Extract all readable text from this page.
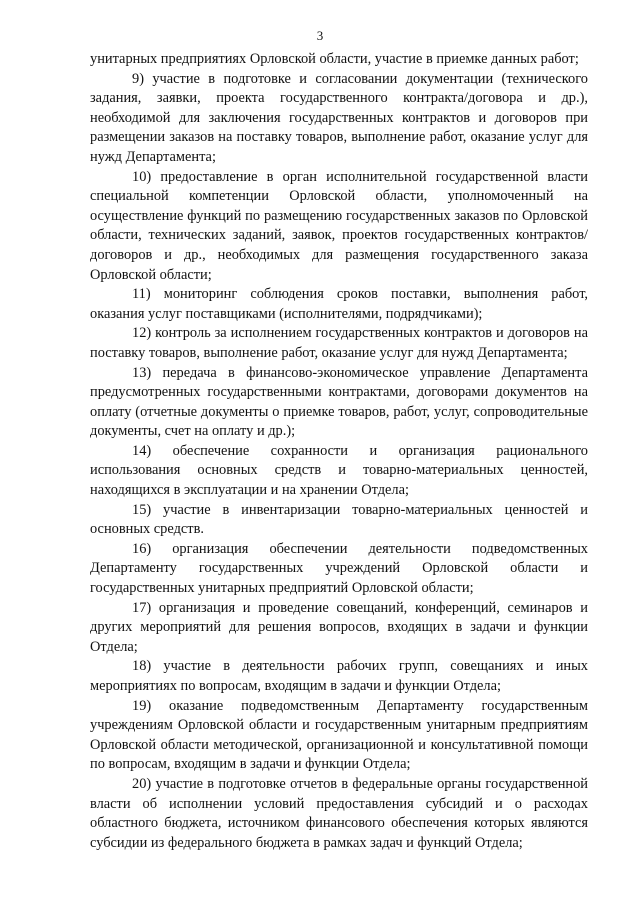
3

унитарных предприятиях Орловской области, участие в приемке данных работ;

9) участие в подготовке и согласовании документации (технического задания, заявки, проекта государственного контракта/договора и др.), необходимой для заключения государственных контрактов и договоров при размещении заказов на поставку товаров, выполнение работ, оказание услуг для нужд Департамента;

10) предоставление в орган исполнительной государственной власти специальной компетенции Орловской области, уполномоченный на осуществление функций по размещению государственных заказов по Орловской области, технических заданий, заявок, проектов государственных контрактов/договоров и др., необходимых для размещения государственного заказа Орловской области;

11) мониторинг соблюдения сроков поставки, выполнения работ, оказания услуг поставщиками (исполнителями, подрядчиками);

12) контроль за исполнением государственных контрактов и договоров на поставку товаров, выполнение работ, оказание услуг для нужд Департамента;

13) передача в финансово-экономическое управление Департамента предусмотренных государственными контрактами, договорами документов на оплату (отчетные документы о приемке товаров, работ, услуг, сопроводительные документы, счет на оплату и др.);

14) обеспечение сохранности и организация рационального использования основных средств и товарно-материальных ценностей, находящихся в эксплуатации и на хранении Отдела;

15) участие в инвентаризации товарно-материальных ценностей и основных средств.

16) организация обеспечении деятельности подведомственных Департаменту государственных учреждений Орловской области и государственных унитарных предприятий Орловской области;

17) организация и проведение совещаний, конференций, семинаров и других мероприятий для решения вопросов, входящих в задачи и функции Отдела;

18) участие в деятельности рабочих групп, совещаниях и иных мероприятиях по вопросам, входящим в задачи и функции Отдела;

19) оказание подведомственным Департаменту государственным учреждениям Орловской области и государственным унитарным предприятиям Орловской области методической, организационной и консультативной помощи по вопросам, входящим в задачи и функции Отдела;

20) участие в подготовке отчетов в федеральные органы государственной власти об исполнении условий предоставления субсидий и о расходах областного бюджета, источником финансового обеспечения которых являются субсидии из федерального бюджета в рамках задач и функций Отдела;
